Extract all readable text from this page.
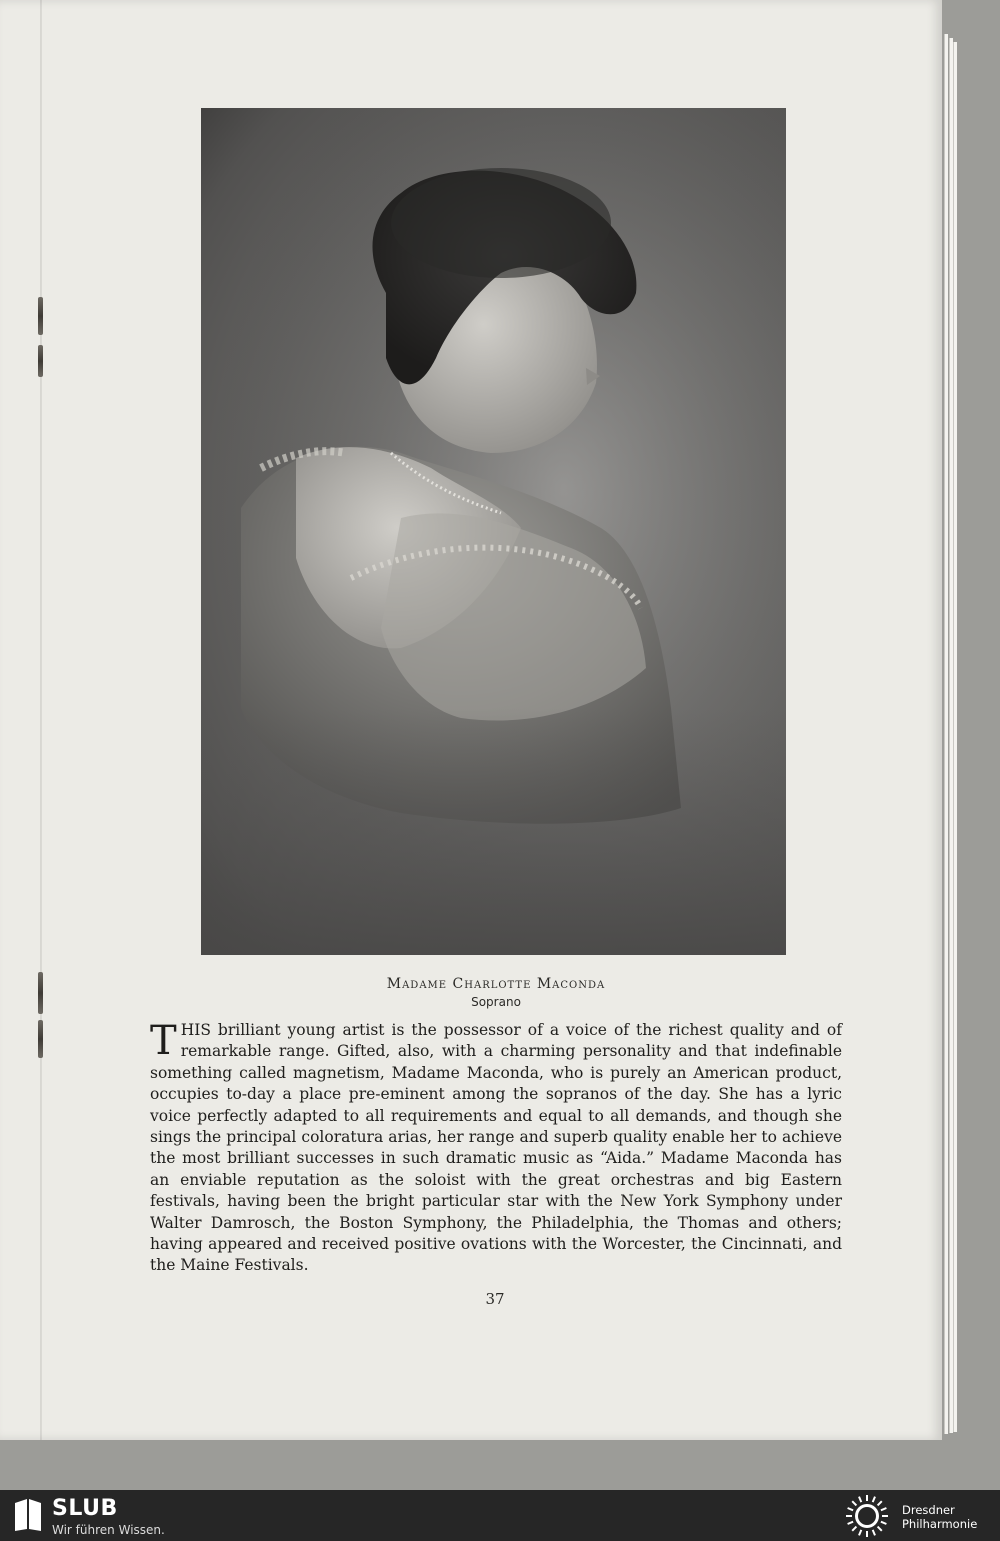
Madame Charlotte Maconda
Soprano

THIS brilliant young artist is the possessor of a voice of the richest quality and of remarkable range. Gifted, also, with a charming personality and that indefinable something called magnetism, Madame Maconda, who is purely an American product, occupies to-day a place pre-eminent among the sopranos of the day. She has a lyric voice perfectly adapted to all requirements and equal to all demands, and though she sings the principal coloratura arias, her range and superb quality enable her to achieve the most brilliant successes in such dramatic music as “Aida.” Madame Maconda has an enviable reputation as the soloist with the great orchestras and big Eastern festivals, having been the bright particular star with the New York Symphony under Walter Damrosch, the Boston Symphony, the Philadelphia, the Thomas and others; having appeared and received positive ovations with the Worcester, the Cincinnati, and the Maine Festivals.

37
SLUB
Wir führen Wissen.
Dresdner
Philharmonie
